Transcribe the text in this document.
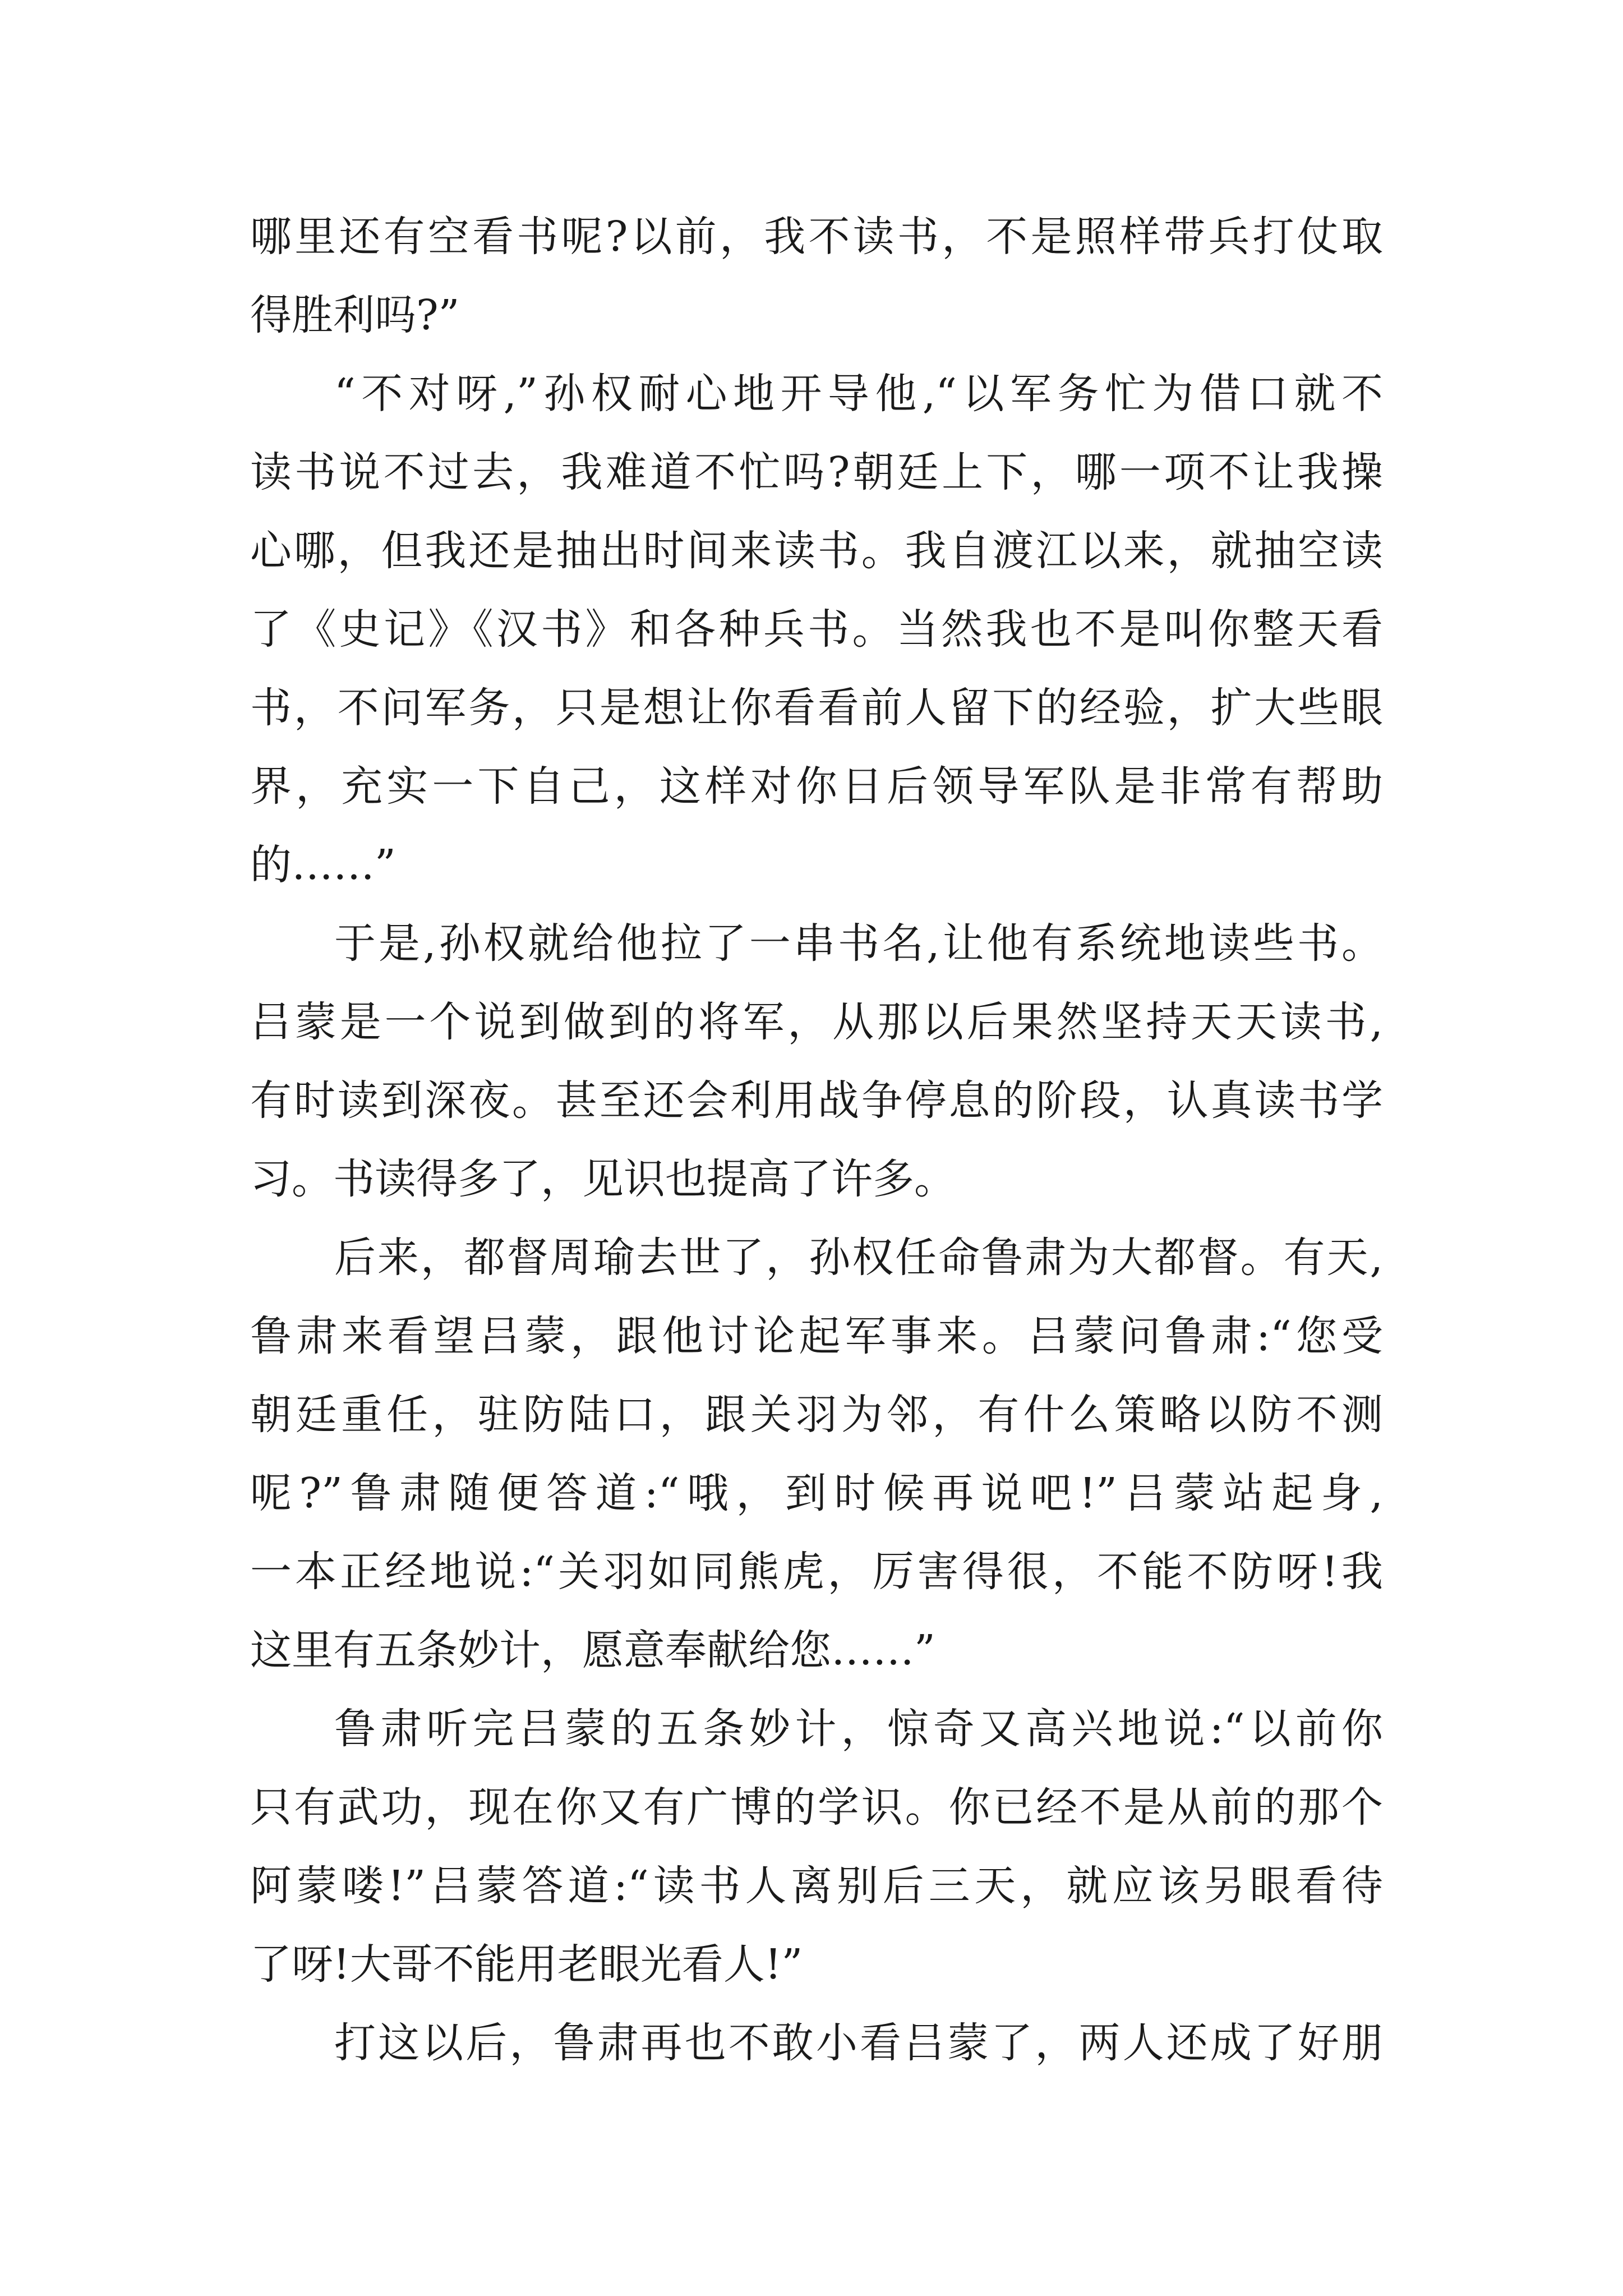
哪里还有空看书呢?以前，我不读书，不是照样带兵打仗取
得胜利吗?”
“不对呀,”孙权耐心地开导他,“以军务忙为借口就不
读书说不过去，我难道不忙吗?朝廷上下，哪一项不让我操
心哪，但我还是抽出时间来读书。我自渡江以来，就抽空读
了《史记》《汉书》和各种兵书。当然我也不是叫你整天看
书，不问军务，只是想让你看看前人留下的经验，扩大些眼
界，充实一下自己，这样对你日后领导军队是非常有帮助
的……”
于是,孙权就给他拉了一串书名,让他有系统地读些书。
吕蒙是一个说到做到的将军，从那以后果然坚持天天读书,
有时读到深夜。甚至还会利用战争停息的阶段，认真读书学
习。书读得多了，见识也提高了许多。
后来，都督周瑜去世了，孙权任命鲁肃为大都督。有天,
鲁肃来看望吕蒙，跟他讨论起军事来。吕蒙问鲁肃:“您受
朝廷重任，驻防陆口，跟关羽为邻，有什么策略以防不测
呢?”鲁肃随便答道:“哦，到时候再说吧!”吕蒙站起身,
一本正经地说:“关羽如同熊虎，厉害得很，不能不防呀!我
这里有五条妙计，愿意奉献给您……”
鲁肃听完吕蒙的五条妙计，惊奇又高兴地说:“以前你
只有武功，现在你又有广博的学识。你已经不是从前的那个
阿蒙喽!”吕蒙答道:“读书人离别后三天，就应该另眼看待
了呀!大哥不能用老眼光看人!”
打这以后，鲁肃再也不敢小看吕蒙了，两人还成了好朋
